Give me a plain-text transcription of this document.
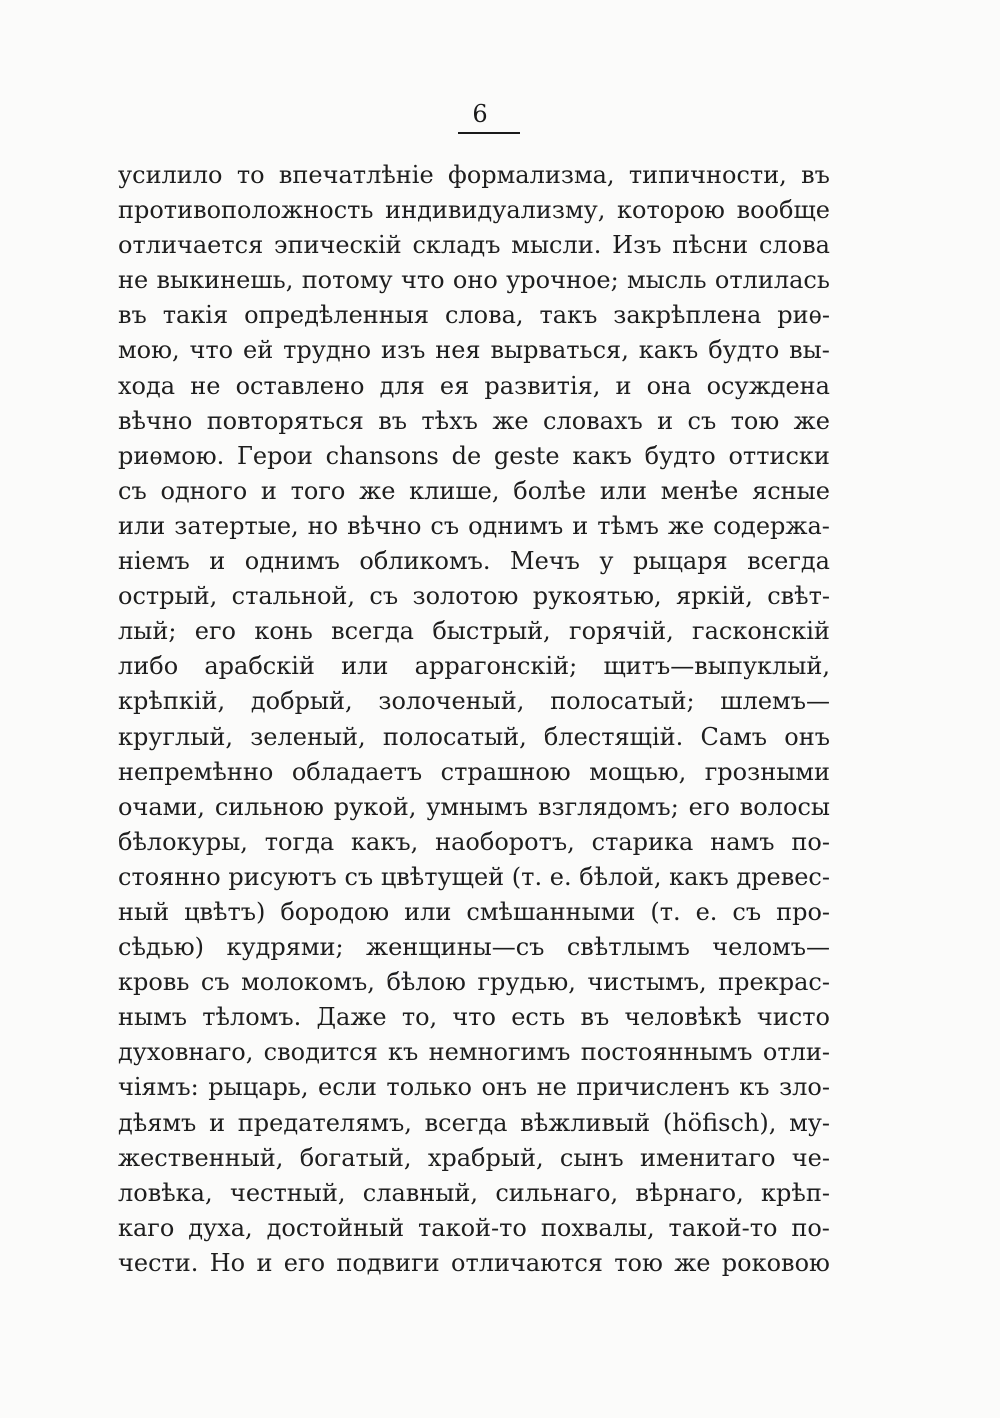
6
усилило то впечатлѣніе формализма, типичности, въ
противоположность индивидуализму, которою вообще
отличается эпическій складъ мысли. Изъ пѣсни слова
не выкинешь, потому что оно урочное; мысль отлилась
въ такія опредѣленныя слова, такъ закрѣплена риѳ-
мою, что ей трудно изъ нея вырваться, какъ будто вы-
хода не оставлено для ея развитія, и она осуждена
вѣчно повторяться въ тѣхъ же словахъ и съ тою же
риѳмою. Герои chansons de geste какъ будто оттиски
съ одного и того же клише, болѣе или менѣе ясные
или затертые, но вѣчно съ однимъ и тѣмъ же содержа-
ніемъ и однимъ обликомъ. Мечъ у рыцаря всегда
острый, стальной, съ золотою рукоятью, яркій, свѣт-
лый; его конь всегда быстрый, горячій, гасконскій
либо арабскій или аррагонскій; щитъ—выпуклый,
крѣпкій, добрый, золоченый, полосатый; шлемъ—
круглый, зеленый, полосатый, блестящій. Самъ онъ
непремѣнно обладаетъ страшною мощью, грозными
очами, сильною рукой, умнымъ взглядомъ; его волосы
бѣлокуры, тогда какъ, наоборотъ, старика намъ по-
стоянно рисуютъ съ цвѣтущей (т. е. бѣлой, какъ древес-
ный цвѣтъ) бородою или смѣшанными (т. е. съ про-
сѣдью) кудрями; женщины—съ свѣтлымъ челомъ—
кровь съ молокомъ, бѣлою грудью, чистымъ, прекрас-
нымъ тѣломъ. Даже то, что есть въ человѣкѣ чисто
духовнаго, сводится къ немногимъ постояннымъ отли-
чіямъ: рыцарь, если только онъ не причисленъ къ зло-
дѣямъ и предателямъ, всегда вѣжливый (höfisch), му-
жественный, богатый, храбрый, сынъ именитаго че-
ловѣка, честный, славный, сильнаго, вѣрнаго, крѣп-
каго духа, достойный такой-то похвалы, такой-то по-
чести. Но и его подвиги отличаются тою же роковою
